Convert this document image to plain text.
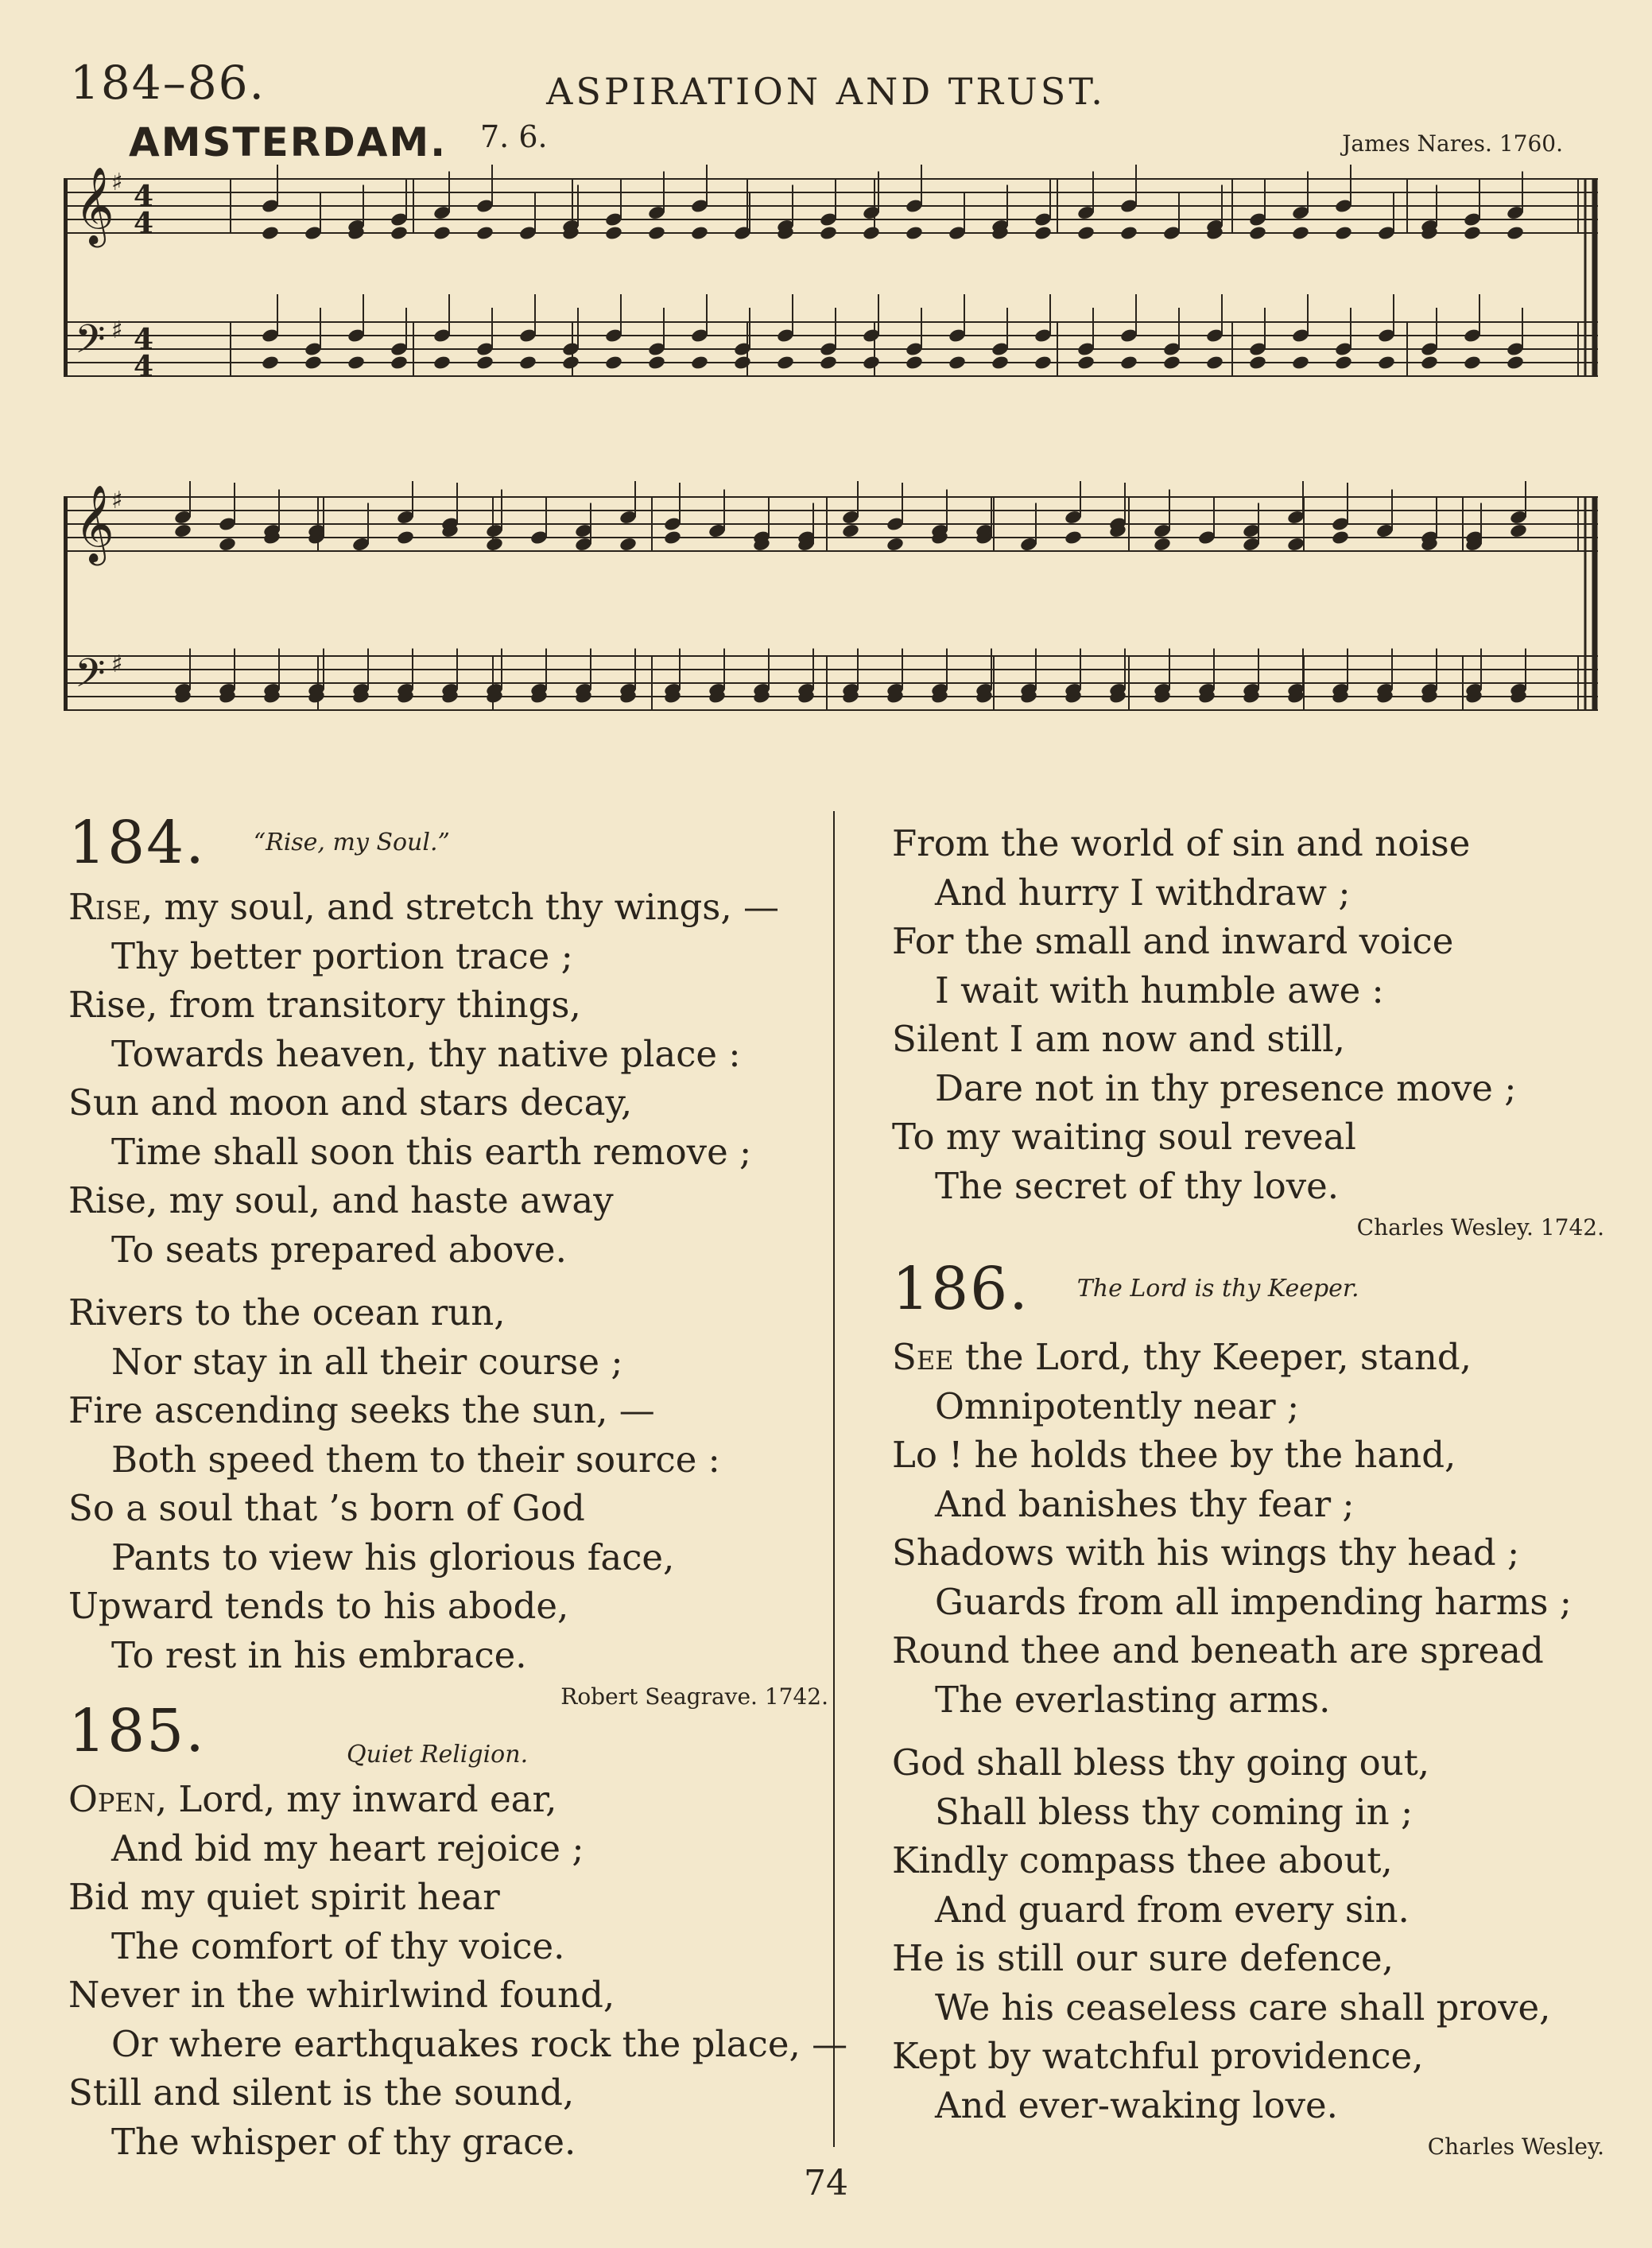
184–86.	ASPIRATION AND TRUST.
AMSTERDAM. 7. 6.	James Nares. 1760.
𝄞
♯ 4
4
𝄢 ♯ 4
4
𝄞
♯
𝄢 ♯
184. “Rise, my Soul.”
Rise, my soul, and stretch thy wings, —
Thy better portion trace ;
Rise, from transitory things,
Towards heaven, thy native place :
Sun and moon and stars decay,
Time shall soon this earth remove ;
Rise, my soul, and haste away
To seats prepared above.
Rivers to the ocean run,
Nor stay in all their course ;
Fire ascending seeks the sun, —
Both speed them to their source :
So a soul that ’s born of God
Pants to view his glorious face,
Upward tends to his abode,
To rest in his embrace.
Robert Seagrave. 1742.
185.	Quiet Religion.
Open, Lord, my inward ear,
And bid my heart rejoice ;
Bid my quiet spirit hear
The comfort of thy voice.
Never in the whirlwind found,
Or where earthquakes rock the place, —
Still and silent is the sound,
The whisper of thy grace.
From the world of sin and noise
And hurry I withdraw ;
For the small and inward voice
I wait with humble awe :
Silent I am now and still,
Dare not in thy presence move ;
To my waiting soul reveal
The secret of thy love.
Charles Wesley. 1742.
186. The Lord is thy Keeper.
See the Lord, thy Keeper, stand,
Omnipotently near ;
Lo ! he holds thee by the hand,
And banishes thy fear ;
Shadows with his wings thy head ;
Guards from all impending harms ;
Round thee and beneath are spread
The everlasting arms.
God shall bless thy going out,
Shall bless thy coming in ;
Kindly compass thee about,
And guard from every sin.
He is still our sure defence,
We his ceaseless care shall prove,
Kept by watchful providence,
And ever-waking love.
Charles Wesley.
74
